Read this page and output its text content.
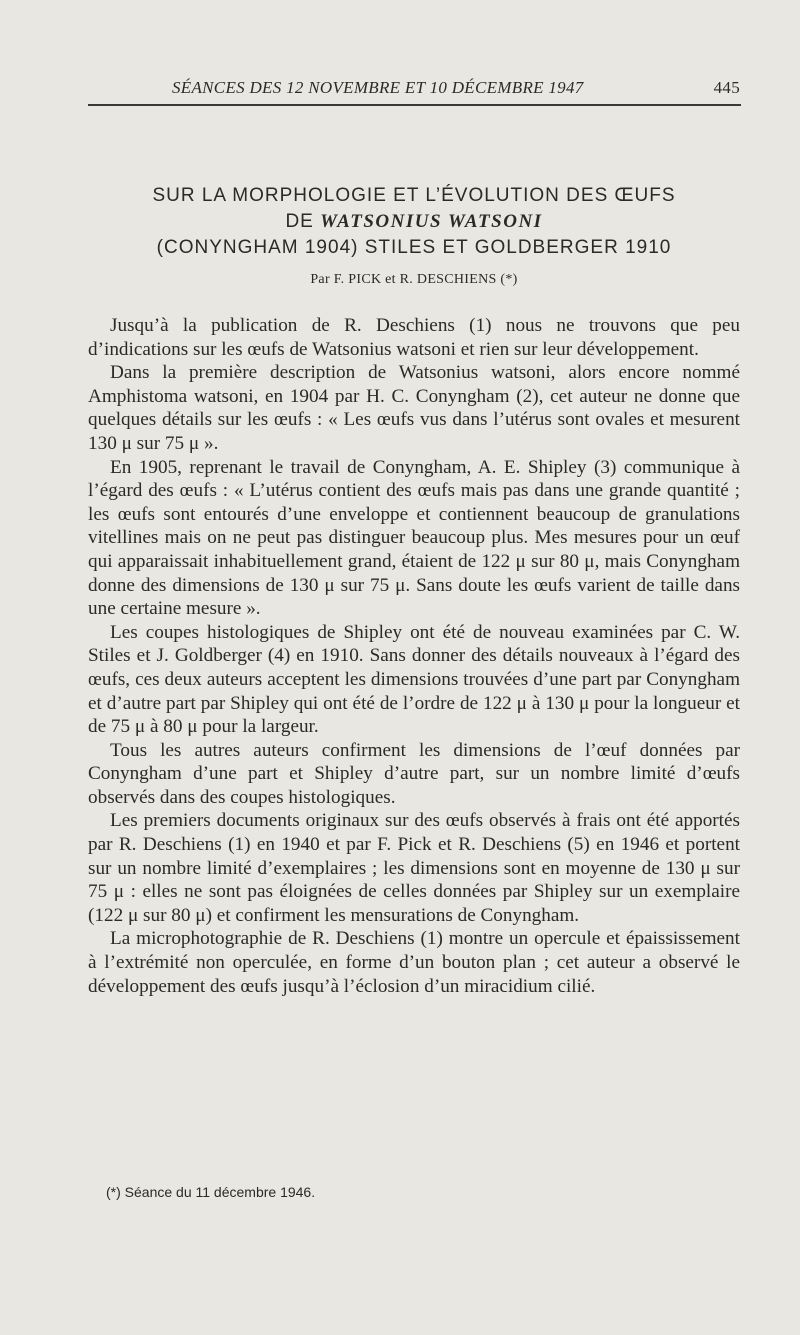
SÉANCES DES 12 NOVEMBRE ET 10 DÉCEMBRE 1947	445
SUR LA MORPHOLOGIE ET L’ÉVOLUTION DES ŒUFS
DE WATSONIUS WATSONI
(CONYNGHAM 1904) STILES ET GOLDBERGER 1910
Par F. PICK et R. DESCHIENS (*)

Jusqu’à la publication de R. Deschiens (1) nous ne trouvons que peu d’indications sur les œufs de Watsonius watsoni et rien sur leur développement.

Dans la première description de Watsonius watsoni, alors encore nommé Amphistoma watsoni, en 1904 par H. C. Conyngham (2), cet auteur ne donne que quelques détails sur les œufs : « Les œufs vus dans l’utérus sont ovales et mesurent 130 μ sur 75 μ ».

En 1905, reprenant le travail de Conyngham, A. E. Shipley (3) communique à l’égard des œufs : « L’utérus contient des œufs mais pas dans une grande quantité ; les œufs sont entourés d’une enveloppe et contiennent beaucoup de granulations vitellines mais on ne peut pas distinguer beaucoup plus. Mes mesures pour un œuf qui apparaissait inhabituellement grand, étaient de 122 μ sur 80 μ, mais Conyngham donne des dimensions de 130 μ sur 75 μ. Sans doute les œufs varient de taille dans une certaine mesure ».

Les coupes histologiques de Shipley ont été de nouveau examinées par C. W. Stiles et J. Goldberger (4) en 1910. Sans donner des détails nouveaux à l’égard des œufs, ces deux auteurs acceptent les dimensions trouvées d’une part par Conyngham et d’autre part par Shipley qui ont été de l’ordre de 122 μ à 130 μ pour la longueur et de 75 μ à 80 μ pour la largeur.

Tous les autres auteurs confirment les dimensions de l’œuf données par Conyngham d’une part et Shipley d’autre part, sur un nombre limité d’œufs observés dans des coupes histologiques.

Les premiers documents originaux sur des œufs observés à frais ont été apportés par R. Deschiens (1) en 1940 et par F. Pick et R. Deschiens (5) en 1946 et portent sur un nombre limité d’exemplaires ; les dimensions sont en moyenne de 130 μ sur 75 μ : elles ne sont pas éloignées de celles données par Shipley sur un exemplaire (122 μ sur 80 μ) et confirment les mensurations de Conyngham.

La microphotographie de R. Deschiens (1) montre un opercule et épaississement à l’extrémité non operculée, en forme d’un bouton plan ; cet auteur a observé le développement des œufs jusqu’à l’éclosion d’un miracidium cilié.

(*) Séance du 11 décembre 1946.
